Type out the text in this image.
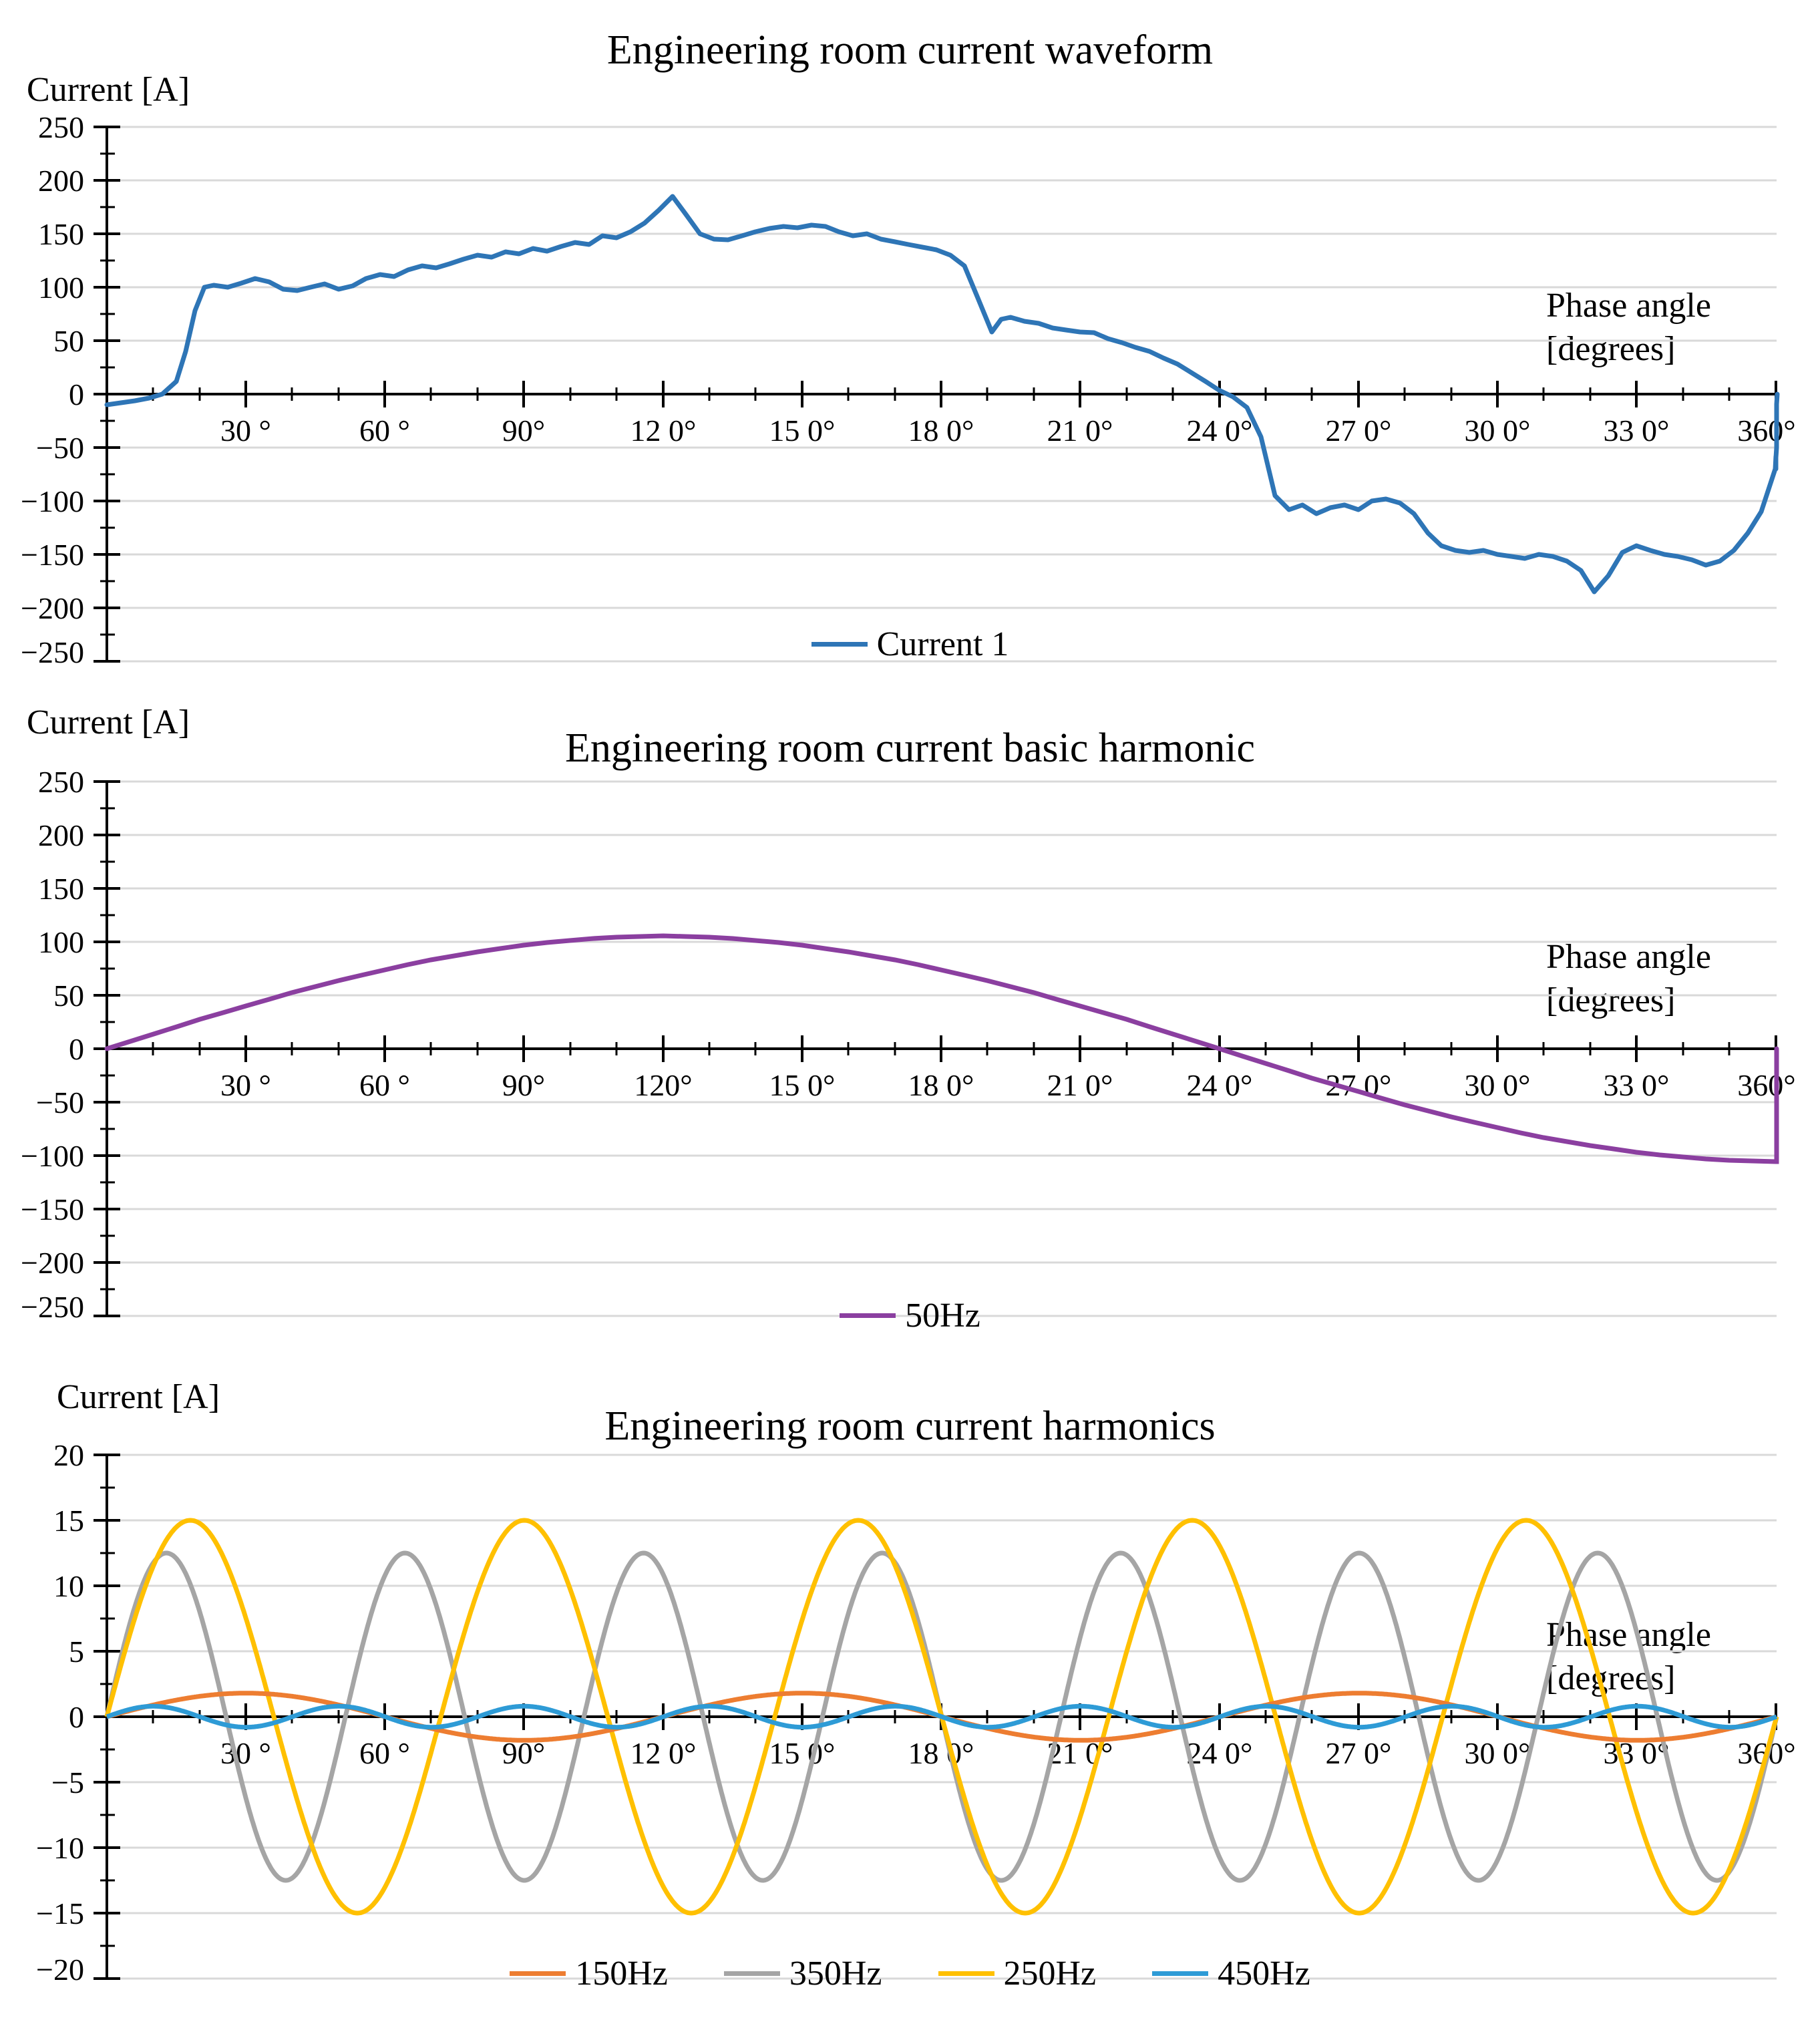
Engineering room current waveform
Current [A]
Phase angle
[degrees]
250
200
150
100
50
0
−50
−100
−150
−200
−250
30 °	60 °	90°	12 0° 15 0° 18 0° 21 0° 24 0° 27 0° 30 0° 33 0° 360°
Current 1
Engineering room current basic harmonic
Current [A]
Phase angle
[degrees]
250
200
150
100
50
0
−50
−100
−150
−200
−250
30 °	60 °	90°	120° 15 0° 18 0° 21 0° 24 0° 27 0° 30 0° 33 0° 360°
50Hz
Engineering room current harmonics
Current [A]
Phase angle
[degrees]
20
15
10
5
0
−5
−10
−15
−20
30 °	60 °	90°	12 0° 15 0° 18 0° 21 0° 24 0° 27 0° 30 0° 33 0° 360°
150Hz	350Hz	250Hz	450Hz
